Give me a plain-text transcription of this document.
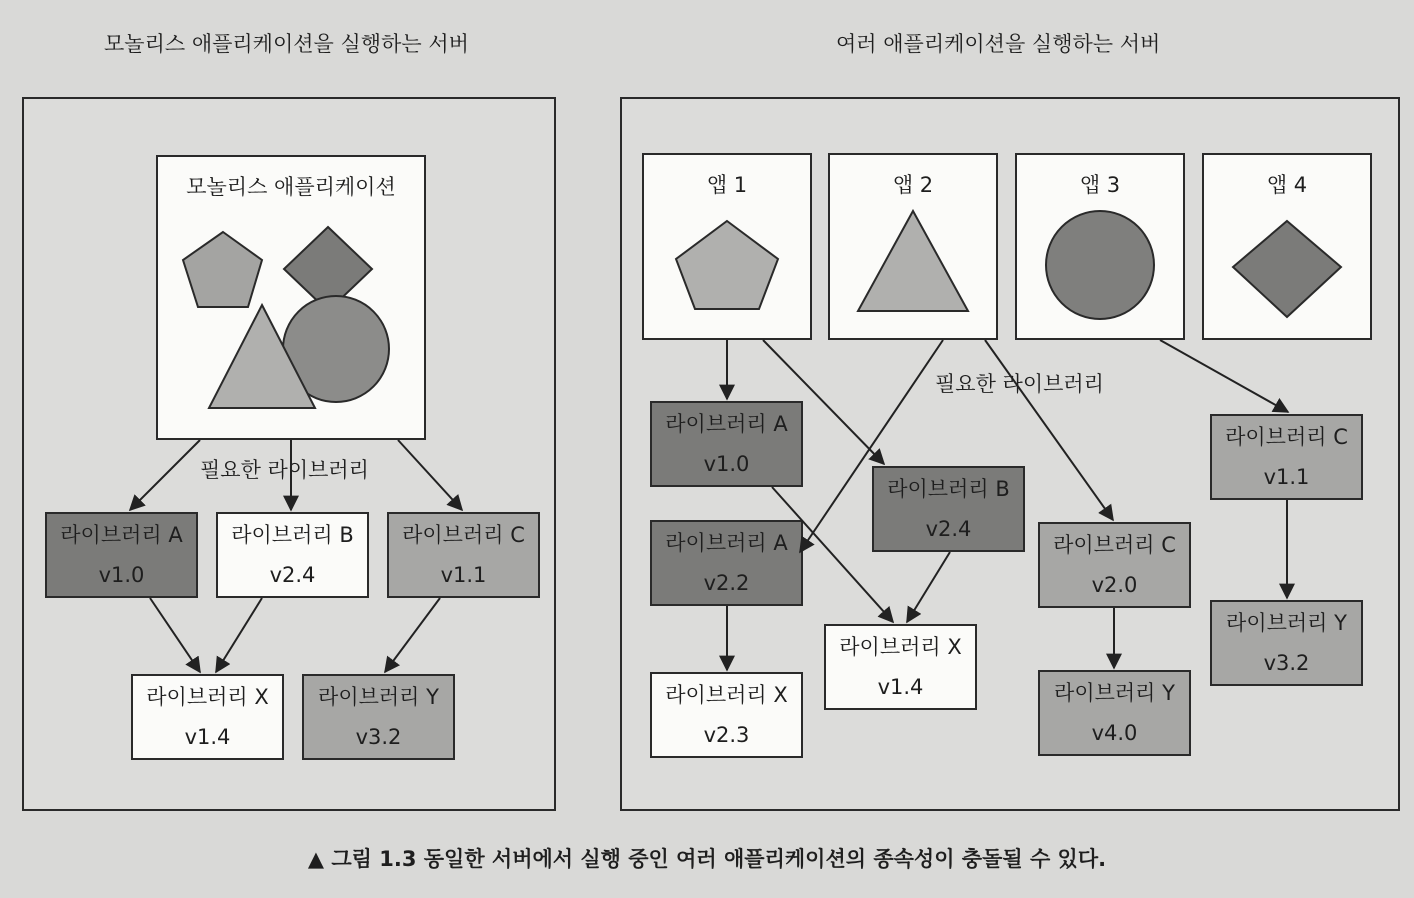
모놀리스 애플리케이션을 실행하는 서버	여러 애플리케이션을 실행하는 서버
모놀리스 애플리케이션
필요한 라이브러리
라이브러리 A
v1.0
라이브러리 B
v2.4
라이브러리 C
v1.1
라이브러리 X
v1.4
라이브러리 Y
v3.2
앱 1	앱 2	앱 3	앱 4
필요한 라이브러리
라이브러리 A
v1.0
라이브러리 A
v2.2
라이브러리 X
v2.3
라이브러리 B
v2.4
라이브러리 X
v1.4
라이브러리 C
v2.0
라이브러리 Y
v4.0
라이브러리 C
v1.1
라이브러리 Y
v3.2
▲ 그림 1.3 동일한 서버에서 실행 중인 여러 애플리케이션의 종속성이 충돌될 수 있다.
